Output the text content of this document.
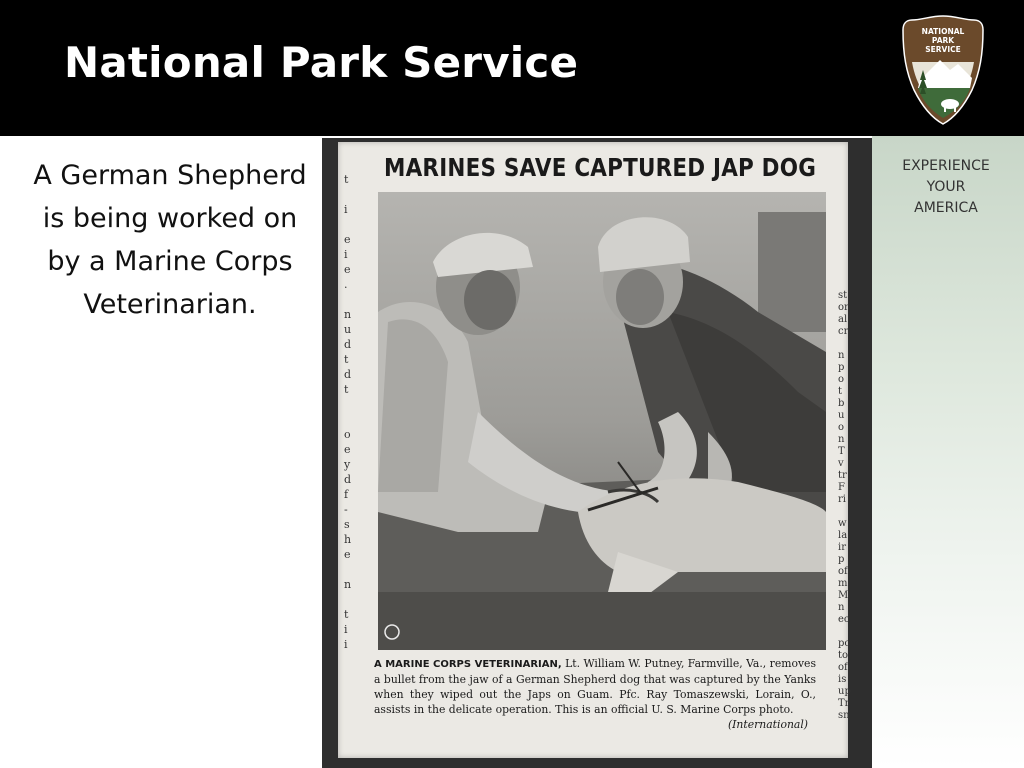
National Park Service
NATIONAL
PARK
SERVICE
EXPERIENCE
YOUR
AMERICA
A German Shepherd is being worked on by a Marine Corps Veterinarian.
t

i

e
i
e
.

n
u
d
t
d
t

o
e
y
d
f
-
s
h
e

n

t
i
i
MARINES SAVE CAPTURED JAP DOG
A MARINE CORPS VETERINARIAN, Lt. William W. Putney, Farmville, Va., removes a bullet from the jaw of a German Shepherd dog that was captured by the Yanks when they wiped out the Japs on Guam. Pfc. Ray Tomaszewski, Lorain, O., assists in the delicate operation. This is an official U. S. Marine Corps photo.
(International)
st
or
al
cr

n
p
o
t
b
u
o
n
T
v
tr
F
ri

w
la
ir
p
of
m
M
n
ec

pc
to
of
is
up
Tr
sn
